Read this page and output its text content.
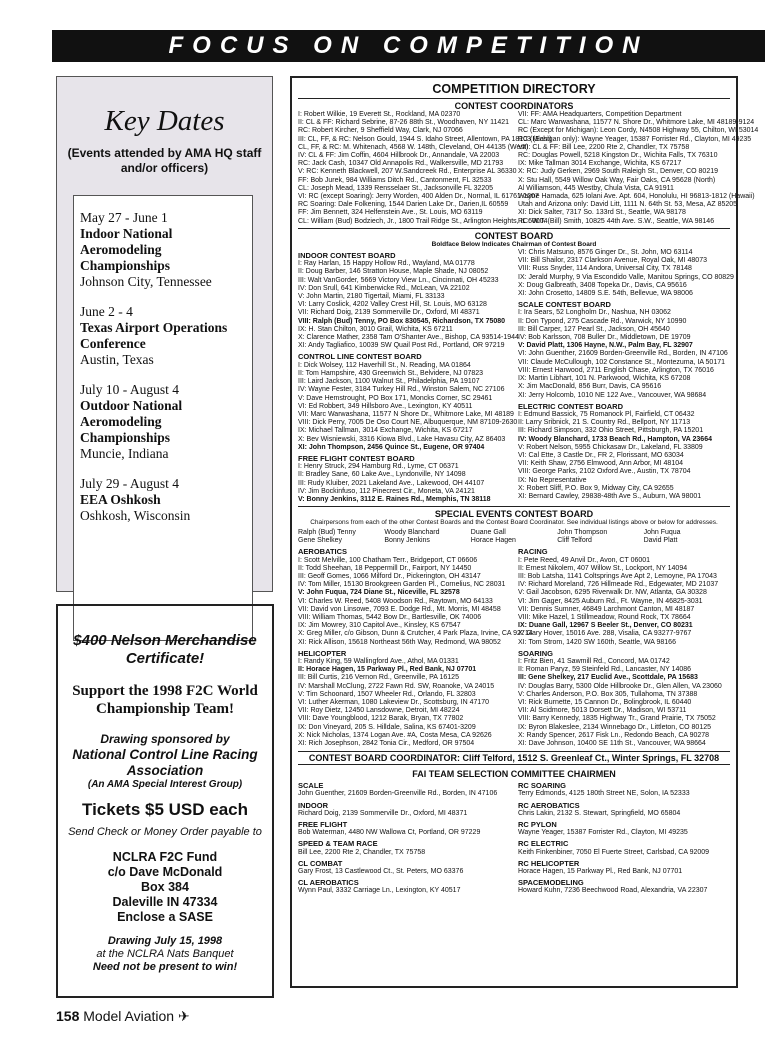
FOCUS ON COMPETITION
Key Dates
(Events attended by AMA HQ staff and/or officers)
May 27 - June 1
Indoor National Aeromodeling Championships
Johnson City, Tennessee
June 2 - 4
Texas Airport Operations Conference
Austin, Texas
July 10 - August 4
Outdoor National Aeromodeling Championships
Muncie, Indiana
July 29 - August 4
EEA Oshkosh
Oshkosh, Wisconsin
$400 Nelson Merchandise Certificate!
Support the 1998 F2C World Championship Team!
Drawing sponsored by
National Control Line Racing Association
(An AMA Special Interest Group)
Tickets $5 USD each
Send Check or Money Order payable to
NCLRA F2C Fund
c/o Dave McDonald
Box 384
Daleville IN 47334
Enclose a SASE
Drawing July 15, 1998
at the NCLRA Nats Banquet
Need not be present to win!
COMPETITION DIRECTORY
CONTEST COORDINATORS
I: Robert Wilkie, 19 Everett St., Rockland, MA 02370
II: CL & FF: Richard Sebrine, 87-26 88th St., Woodhaven, NY 11421
RC: Robert Kircher, 9 Sheffield Way, Clark, NJ 07066
III: CL, FF, & RC: Nelson Gould, 1944 S. Idaho Street, Allentown, PA 18103 (East)
CL, FF, & RC: M. Whitenach, 4568 W. 148th, Cleveland, OH 44135 (West)
IV: CL & FF: Jim Coffin, 4604 Hillbrook Dr., Annandale, VA 22003
RC: Jack Cash, 10347 Old Annapolis Rd., Walkersville, MD 21793
V: RC: Kenneth Blackwell, 207 W.Sandcreek Rd., Enterprise AL 36330
FF: Bob Jurek, 984 Williams Ditch Rd., Cantonment, FL 32533
CL: Joseph Mead, 1339 Rensselaer St., Jacksonville FL 32205
VI: RC (except Soaring): Jerry Worden, 400 Alden Dr., Normal, IL 61761-1207
RC Soaring: Dale Folkening, 1544 Darien Lake Dr., Darien,IL 60559
FF: Jim Bennett, 324 Helfenstein Ave., St. Louis, MO 63119
CL: William (Bud) Bodziech, Jr., 1800 Trail Ridge St., Arlington Heights, IL 60004
VII: FF: AMA Headquarters, Competition Department
CL: Marc Warwashana, 11577 N. Shore Dr., Whitmore Lake, MI 48189-9124
RC (Except for Michigan): Leon Cordy, N4508 Highway 55, Chilton, WI 53014
RC (Michigan only): Wayne Yeager, 15387 Forrister Rd., Clayton, MI 49235
VIII: CL & FF: Bill Lee, 2200 Rte 2, Chandler, TX 75758
RC: Douglas Powell, 5218 Kingston Dr., Wichita Falls, TX 76310
IX: Mike Tallman 3014 Exchange, Wichita, KS 67217
X: RC: Judy Gerken, 2969 South Raleigh St., Denver, CO 80219
X: Stu Hall, 5549 Willow Oak Way, Fair Oaks, CA 95628 (North)
Al Williamson, 445 Westby, Chula Vista, CA 91911
Wayne Hamada, 625 Iolani Ave. Apt. 604, Honolulu, HI 96813-1812 (Hawaii)
Utah and Arizona only: David Litt, 1111 N. 64th St. 53, Mesa, AZ 85205
XI: Dick Salter, 7317 So. 133rd St., Seattle, WA 98178
RC: W.T. (Bill) Smith, 10825 44th Ave. S.W., Seattle, WA 98146
CONTEST BOARD
Boldface Below Indicates Chairman of Contest Board
INDOOR CONTEST BOARD
I: Ray Harlan, 15 Happy Hollow Rd., Wayland, MA 01778
II: Doug Barber, 146 Stratton House, Maple Shade, NJ 08052
III: Walt VanGorder, 5669 Victory View Ln., Cincinnati, OH 45233
IV: Don Srull, 641 Kimberwicke Rd., McLean, VA 22102
V: John Martin, 2180 Tigertail, Miami, FL 33133
VI: Larry Coslick, 4202 Valley Crest Hill, St. Louis, MO 63128
VII: Richard Doig, 2139 Sommerville Dr., Oxford, MI 48371
VIII: Ralph (Bud) Tenny, PO Box 830545, Richardson, TX 75080
IX: H. Stan Chilton, 3010 Grail, Wichita, KS 67211
X: Clarence Mather, 2358 Tam O'Shanter Ave., Bishop, CA 93514-1944
XI: Andy Tagliafico, 10039 SW Quail Post Rd., Portland, OR 97219
CONTROL LINE CONTEST BOARD
I: Dick Wolsey, 112 Haverhill St., N. Reading, MA 01864
II: Tom Hampshire, 430 Greenwich St., Belvidere, NJ 07823
III: Laird Jackson, 1100 Walnut St., Philadelphia, PA 19107
IV: Wayne Fester, 3184 Turkey Hill Rd., Winston Salem, NC 27106
V: Dave Hemstrought, PO Box 171, Moncks Corner, SC 29461
VI: Ed Robbert, 349 Hillsboro Ave., Lexington, KY 40511
VII: Marc Warwashana, 11577 N Shore Dr., Whitmore Lake, MI 48189
VIII: Dick Perry, 7005 De Oso Court NE, Albuquerque, NM 87109-2630
IX: Michael Tallman, 3014 Exchange, Wichita, KS 67217
X: Bev Wisniewski, 3316 Kiowa Blvd., Lake Havasu City, AZ 86403
XI: John Thompson, 2456 Quince St., Eugene, OR 97404
FREE FLIGHT CONTEST BOARD
I: Henry Struck, 294 Hamburg Rd., Lyme, CT 06371
II: Bradley Sane, 60 Lake Ave., Lyndonville, NY 14098
III: Rudy Kluiber, 2021 Lakeland Ave., Lakewood, OH 44107
IV: Jim Bockinfuso, 112 Pinecrest Cir., Moneta, VA 24121
V: Bonny Jenkins, 3112 E. Raines Rd., Memphis, TN 38118
VI: Chris Matsuno, 8576 Ginger Dr., St. John, MO 63114
VII: Bill Shailor, 2317 Clarkson Avenue, Royal Oak, MI 48073
VIII: Russ Snyder, 114 Andora, Universal City, TX 78148
IX: Jerald Murphy, 9 Via Escondido Valle, Manitou Springs, CO 80829
X: Doug Galbreath, 3408 Topeka Dr., Davis, CA 95616
XI: John Crosetto, 14809 S.E. 54th, Bellevue, WA 98006
SCALE CONTEST BOARD
I: Ira Sears, 52 Longholm Dr., Nashua, NH 03062
II: Don Typond, 275 Cascade Rd., Warwick, NY 10990
III: Bill Carper, 127 Pearl St., Jackson, OH 45640
IV: Bob Karlsson, 708 Buller Dr., Middletown, DE 19709
V: David Platt, 1306 Hayne, N.W., Palm Bay, FL 32907
VI: John Guenther, 21609 Borden-Greenville Rd., Borden, IN 47106
VII: Claude McCullough, 102 Constance St., Montezuma, IA 50171
VIII: Ernest Harwood, 2711 English Chase, Arlington, TX 76016
IX: Martin Libhart, 101 N. Parkwood, Wichita, KS 67208
X: Jim MacDonald, 856 Burr, Davis, CA 95616
XI: Jerry Holcomb, 1010 NE 122 Ave., Vancouver, WA 98684
ELECTRIC CONTEST BOARD
I: Edmund Bassick, 75 Romanock Pl, Fairfield, CT 06432
II: Larry Sribnick, 21 S. Country Rd., Bellport, NY 11713
III: Richard Simpson, 332 Ohio Street, Pittsburgh, PA 15201
IV: Woody Blanchard, 1733 Beach Rd., Hampton, VA 23664
V: Robert Nelson, 5955 Chickasaw Dr., Lakeland, FL 33809
VI: Cal Ette, 3 Castle Dr., FR 2, Florissant, MO 63034
VII: Keith Shaw, 2756 Elmwood, Ann Arbor, MI 48104
VIII: George Parks, 2102 Oxford Ave., Austin, TX 78704
IX: No Representative
X: Robert Sliff, P.O. Box 9, Midway City, CA 92655
XI: Bernard Cawley, 29838-48th Ave S., Auburn, WA 98001
SPECIAL EVENTS CONTEST BOARD
Chairpersons from each of the other Contest Boards and the Contest Board Coordinator. See individual listings above or below for addresses.
Ralph (Bud) Tenny	Woody Blanchard	Duane Gall	John Thompson	John Fuqua
Gene Shelkey	Bonny Jenkins	Horace Hagen	Cliff Telford	David Platt
AEROBATICS
I: Scott Melville, 100 Chatham Terr., Bridgeport, CT 06606
II: Todd Sheehan, 18 Peppermill Dr., Fairport, NY 14450
III: Geoff Gomes, 1066 Milford Dr., Pickerington, OH 43147
IV: Tom Miller, 15130 Brookgreen Garden Pl., Cornelius, NC 28031
V: John Fuqua, 724 Diane St., Niceville, FL 32578
VI: Charles W. Reed, 5408 Woodson Rd., Raytown, MO 64133
VII: David von Linsowe, 7093 E. Dodge Rd., Mt. Morris, MI 48458
VIII: William Thomas, 5442 Bow Dr., Bartlesville, OK 74006
IX: Jim Mowrey, 310 Capitol Ave., Kinsley, KS 67547
X: Greg Miller, c/o Gibson, Dunn & Crutcher, 4 Park Plaza, Irvine, CA 92714
XI: Rick Allison, 15618 Northeast 56th Way, Redmond, WA 98052
HELICOPTER
I: Randy King, 59 Wallingford Ave., Athol, MA 01331
II: Horace Hagen, 15 Parkway Pl., Red Bank, NJ 07701
III: Bill Curtis, 216 Vernon Rd., Greenville, PA 16125
IV: Marshall McClung, 2722 Fawn Rd. SW, Roanoke, VA 24015
V: Tim Schoonard, 1507 Wheeler Rd., Orlando, FL 32803
VI: Luther Akerman, 1080 Lakeview Dr., Scottsburg, IN 47170
VII: Roy Dietz, 12450 Lansdowne, Detroit, MI 48224
VIII: Dave Youngblood, 1212 Barak, Bryan, TX 77802
IX: Don Vineyard, 205 S. Hilldale, Salina, KS 67401-3209
X: Nick Nicholas, 1374 Logan Ave. #A, Costa Mesa, CA 92626
XI: Rich Josephson, 2842 Tonia Cir., Medford, OR 97504
RACING
I: Pete Reed, 49 Anvil Dr., Avon, CT 06001
II: Ernest Nikolem, 407 Willow St., Lockport, NY 14094
III: Bob Latsha, 1141 Coltsprings Ave Apt 2, Lemoyne, PA 17043
IV: Richard Moreland, 726 Hillmeade Rd., Edgewater, MD 21037
V: Gail Jacobson, 6295 Riverwalk Dr. NW, Atlanta, GA 30328
VI: Jim Gager, 8425 Auburn Rd., Ft. Wayne, IN 46825-3031
VII: Dennis Sumner, 46849 Larchmont Canton, MI 48187
VIII: Mike Hazel, 1 Stillmeadow, Round Rock, TX 78664
IX: Duane Gall, 12967 S Beeler St., Denver, CO 80231
X: Gary Hover, 15016 Ave. 288, Visalia, CA 93277-9767
XI: Tom Strom, 1420 SW 160th, Seattle, WA 98166
SOARING
I: Fritz Bien, 41 Sawmill Rd., Concord, MA 01742
II: Roman Paryz, 59 Steinfeld Rd., Lancaster, NY 14086
III: Gene Shelkey, 217 Euclid Ave., Scottdale, PA 15683
IV: Douglas Barry, 5300 Olde Hillbrooke Dr., Glen Allen, VA 23060
V: Charles Anderson, P.O. Box 305, Tullahoma, TN 37388
VI: Rick Burnette, 15 Cannon Dr., Bolingbrook, IL 60440
VII: Al Scidmore, 5013 Dorsett Dr., Madison, WI 53711
VIII: Barry Kennedy, 1835 Highway Tr., Grand Prairie, TX 75052
IX: Byron Blakeslee, 2134 Winnebago Dr., Littleton, CO 80125
X: Randy Spencer, 2617 Fisk Ln., Redondo Beach, CA 90278
XI: Dave Johnson, 10400 SE 11th St., Vancouver, WA 98664
CONTEST BOARD COORDINATOR: Cliff Telford, 1512 S. Greenleaf Ct., Winter Springs, FL 32708
FAI TEAM SELECTION COMMITTEE CHAIRMEN
SCALE
John Guenther, 21609 Borden-Greenville Rd., Borden, IN 47106
INDOOR
Richard Doig, 2139 Sommerville Dr., Oxford, MI 48371
FREE FLIGHT
Bob Waterman, 4480 NW Wallowa Ct, Portland, OR 97229
SPEED & TEAM RACE
Bill Lee, 2200 Rte 2, Chandler, TX 75758
CL COMBAT
Gary Frost, 13 Castlewood Ct., St. Peters, MO 63376
CL AEROBATICS
Wynn Paul, 3332 Carriage Ln., Lexington, KY 40517
RC SOARING
Terry Edmonds, 4125 180th Street NE, Solon, IA 52333
RC AEROBATICS
Chris Lakin, 2132 S. Stewart, Springfield, MO 65804
RC PYLON
Wayne Yeager, 15387 Forrister Rd., Clayton, MI 49235
RC ELECTRIC
Keith Finkenbiner, 7050 El Fuerte Street, Carlsbad, CA 92009
RC HELICOPTER
Horace Hagen, 15 Parkway Pl., Red Bank, NJ 07701
SPACEMODELING
Howard Kuhn, 7236 Beechwood Road, Alexandria, VA 22307
158 Model Aviation ✈
